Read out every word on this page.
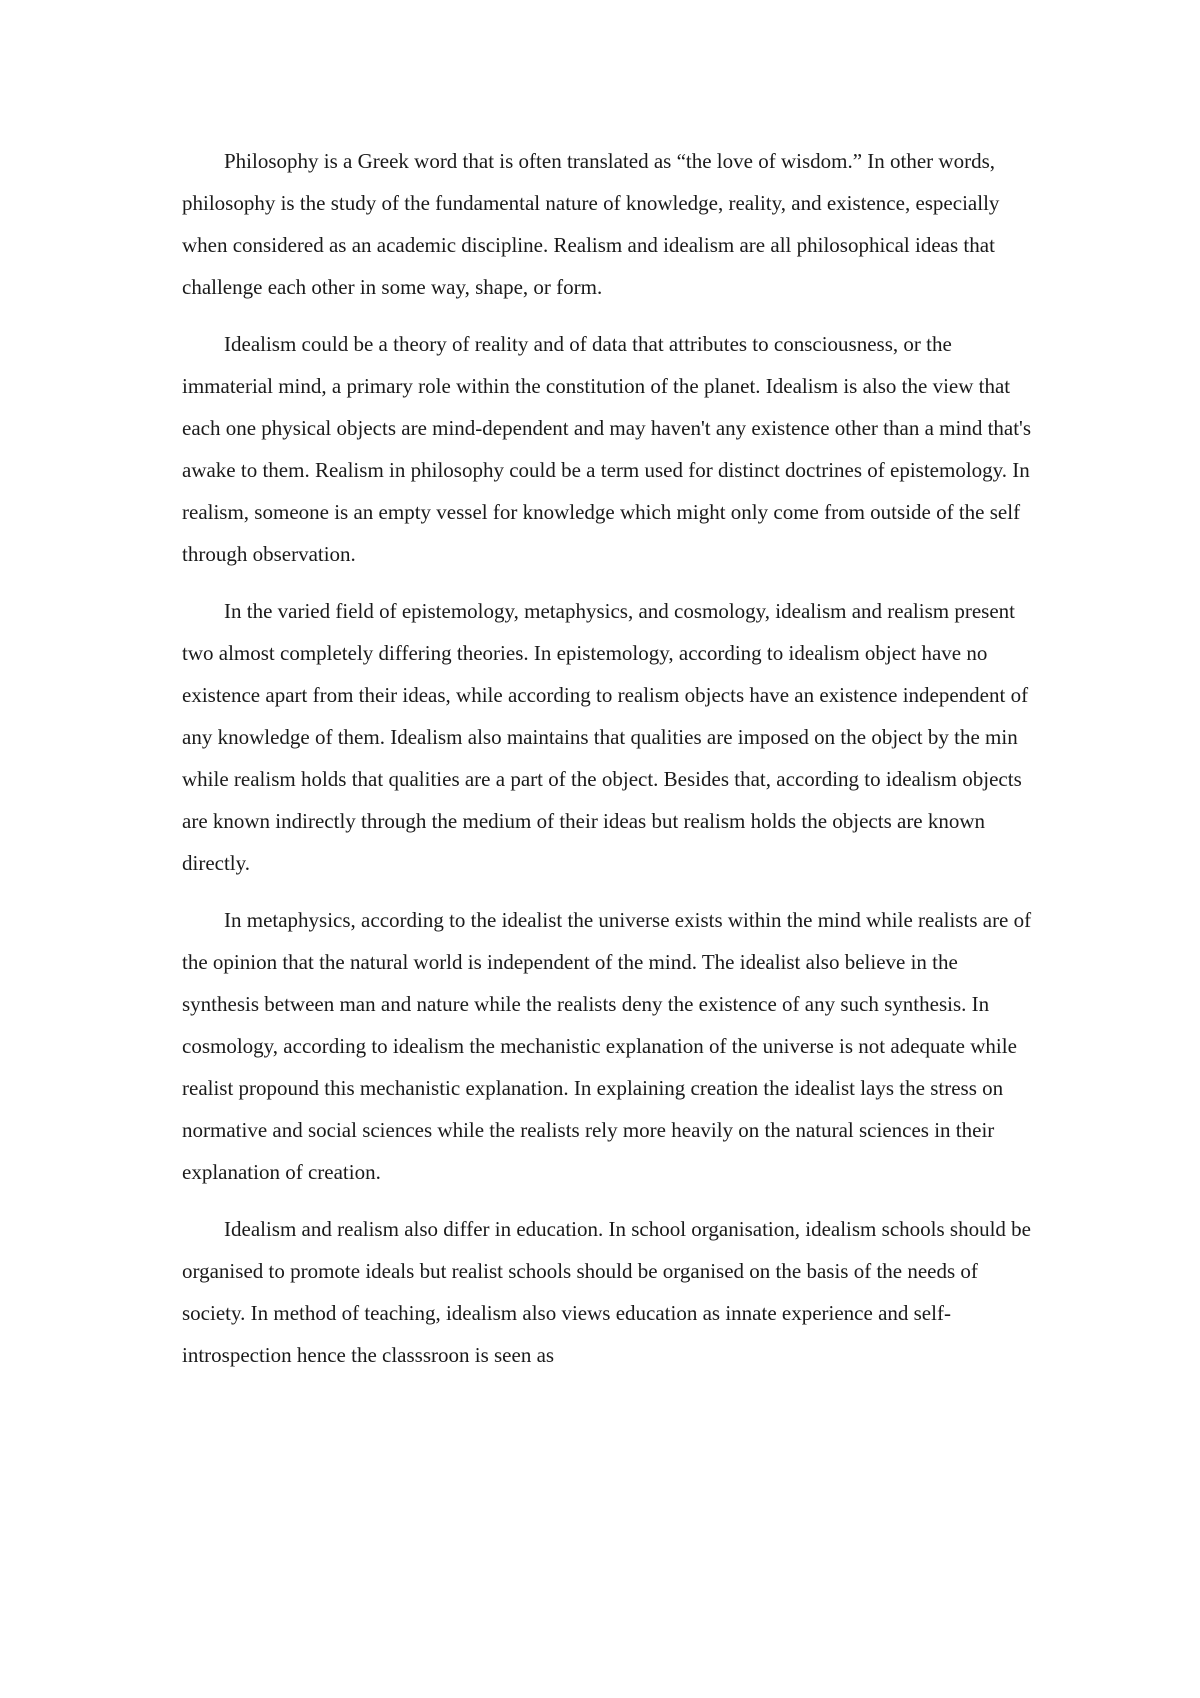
Philosophy is a Greek word that is often translated as “the love of wisdom.” In other words, philosophy is the study of the fundamental nature of knowledge, reality, and existence, especially when considered as an academic discipline. Realism and idealism are all philosophical ideas that challenge each other in some way, shape, or form.

Idealism could be a theory of reality and of data that attributes to consciousness, or the immaterial mind, a primary role within the constitution of the planet. Idealism is also the view that each one physical objects are mind-dependent and may haven't any existence other than a mind that's awake to them. Realism in philosophy could be a term used for distinct doctrines of epistemology. In realism, someone is an empty vessel for knowledge which might only come from outside of the self through observation.

In the varied field of epistemology, metaphysics, and cosmology, idealism and realism present two almost completely differing theories. In epistemology, according to idealism object have no existence apart from their ideas, while according to realism objects have an existence independent of any knowledge of them. Idealism also maintains that qualities are imposed on the object by the min while realism holds that qualities are a part of the object. Besides that, according to idealism objects are known indirectly through the medium of their ideas but realism holds the objects are known directly.

In metaphysics, according to the idealist the universe exists within the mind while realists are of the opinion that the natural world is independent of the mind. The idealist also believe in the synthesis between man and nature while the realists deny the existence of any such synthesis. In cosmology, according to idealism the mechanistic explanation of the universe is not adequate while realist propound this mechanistic explanation. In explaining creation the idealist lays the stress on normative and social sciences while the realists rely more heavily on the natural sciences in their explanation of creation.

Idealism and realism also differ in education. In school organisation, idealism schools should be organised to promote ideals but realist schools should be organised on the basis of the needs of society. In method of teaching, idealism also views education as innate experience and self-introspection hence the classsroon is seen as
